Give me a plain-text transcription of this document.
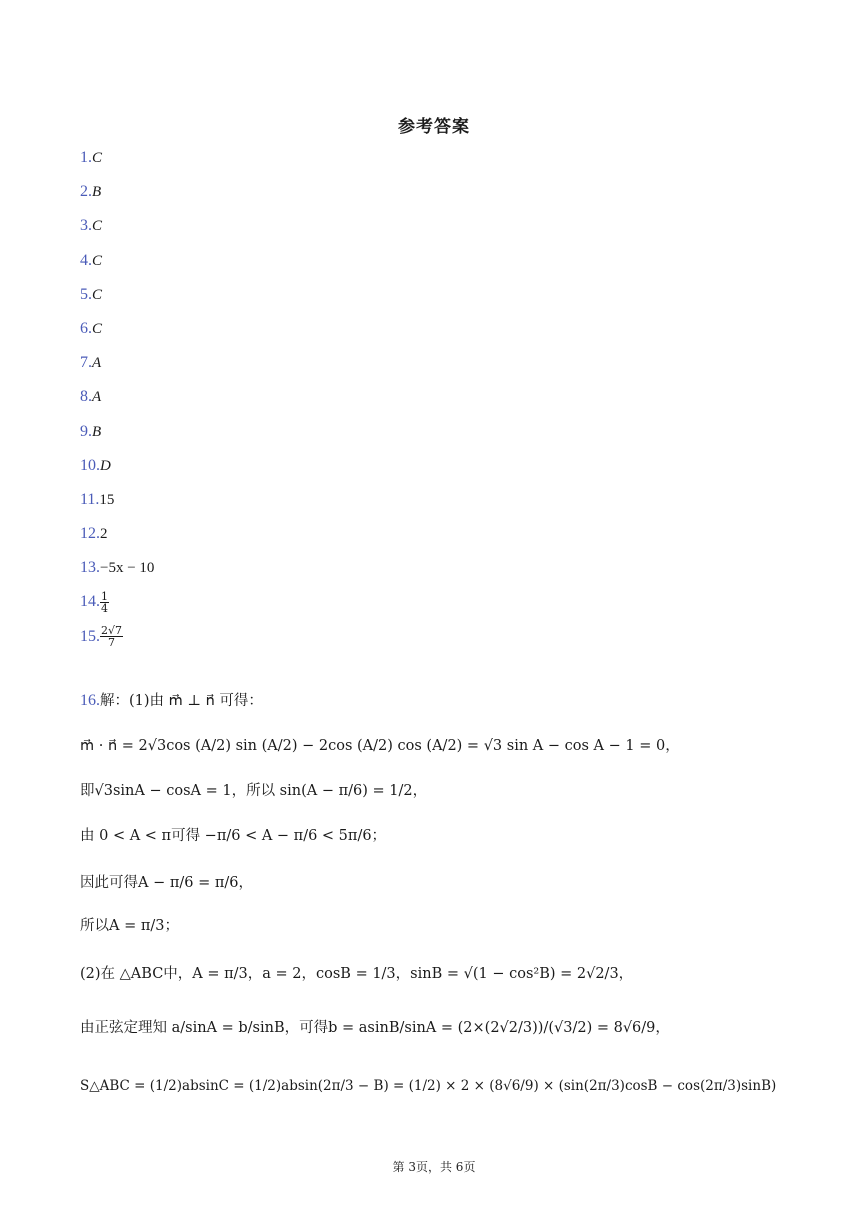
参考答案
1.C
2.B
3.C
4.C
5.C
6.C
7.A
8.A
9.B
10.D
11.15
12.2
13.−5x − 10
14. $\frac{1}{4}$
15. $\frac{2√7}{7}$
16.解：(1)由 m⃗ ⊥ n⃗ 可得：
m⃗ · n⃗ = 2√3cos (A/2) sin (A/2) − 2cos (A/2) cos (A/2) = √3 sin A − cos A − 1 = 0，
即√3sinA − cosA = 1，所以 sin(A − π/6) = 1/2，
由 0 < A < π可得 −π/6 < A − π/6 < 5π/6；
因此可得A − π/6 = π/6，
所以A = π/3；
(2)在 △ABC中，A = π/3，a = 2，cosB = 1/3，sinB = √(1 − cos²B) = 2√2/3，
由正弦定理知 a/sinA = b/sinB，可得b = asinB/sinA = (2×(2√2/3))/(√3/2) = 8√6/9，
S△ABC = (1/2)absinC = (1/2)absin(2π/3 − B) = (1/2) × 2 × (8√6/9) × (sin(2π/3)cosB − cos(2π/3)sinB)
第 3页，共 6页
